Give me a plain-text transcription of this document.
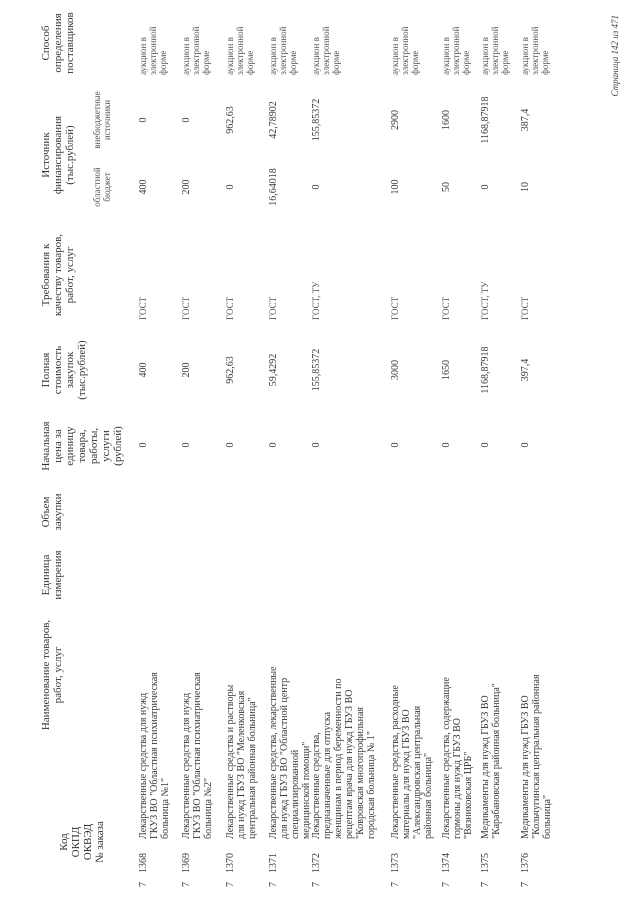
Код ОКПД ОКВЭД № заказа
Наименование товаров, работ, услуг
Единица измерения
Объем закупки
Начальная цена за единицу товара, работы, услуги (рублей)
Полная стоимость закупок (тыс.рублей)
Требования к качеству товаров, работ, услуг
Источник финансирования (тыс.рублей)
областной бюджет
внебюджетные источники
Способ определения поставщиков
7
1368
Лекарственные средства для нужд ГКУЗ ВО "Областная психиатрическая больница №1"
0
400
ГОСТ
400
0
аукцион в электронной форме
7
1369
Лекарственные средства для нужд ГКУЗ ВО "Областная психиатрическая больница №2"
0
200
ГОСТ
200
0
аукцион в электронной форме
7
1370
Лекарственные средства и растворы для нужд ГБУЗ ВО "Меленковская центральная районная больница"
0
962,63
ГОСТ
0
962,63
аукцион в электронной форме
7
1371
Лекарственные средства, лекарственные для нужд ГБУЗ ВО "Областной центр специализированной медицинской помощи"
0
59,4292
ГОСТ
16,64018
42,78902
аукцион в электронной форме
7
1372
Лекарственные средства, предназначенные для отпуска женщинам в период беременности по рецептам врача для нужд ГБУЗ ВО "Ковровская многопрофильная городская больница № 1"
0
155,85372
ГОСТ, ТУ
0
155,85372
аукцион в электронной форме
7
1373
Лекарственные средства, расходные материалы для нужд ГБУЗ ВО "Александровская центральная районная больница"
0
3000
ГОСТ
100
2900
аукцион в электронной форме
7
1374
Лекарственные средства, содержащие гормоны для нужд ГБУЗ ВО "Вязниковская ЦРБ"
0
1650
ГОСТ
50
1600
аукцион в электронной форме
7
1375
Медикаменты для нужд ГБУЗ ВО "Карабановская районная больница"
0
1168,87918
ГОСТ, ТУ
0
1168,87918
аукцион в электронной форме
7
1376
Медикаменты для нужд ГБУЗ ВО "Кольчугинская центральная районная больница"
0
397,4
ГОСТ
10
387,4
аукцион в электронной форме	Страница 142 из 471
